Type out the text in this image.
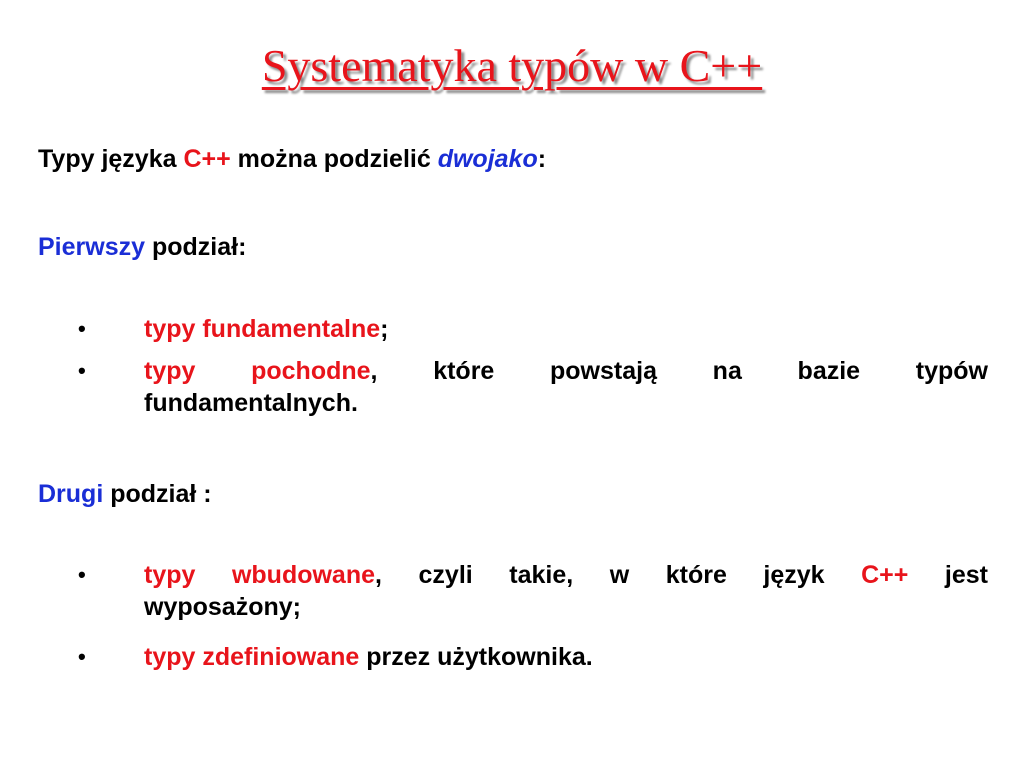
Systematyka typów w C++
Typy języka C++ można podzielić dwojako:
Pierwszy podział:
•	typy fundamentalne;
•	typy pochodne, które powstają na bazie typów
fundamentalnych.
Drugi podział :
•	typy wbudowane, czyli takie, w które język C++ jest
wyposażony;
•	typy zdefiniowane przez użytkownika.
